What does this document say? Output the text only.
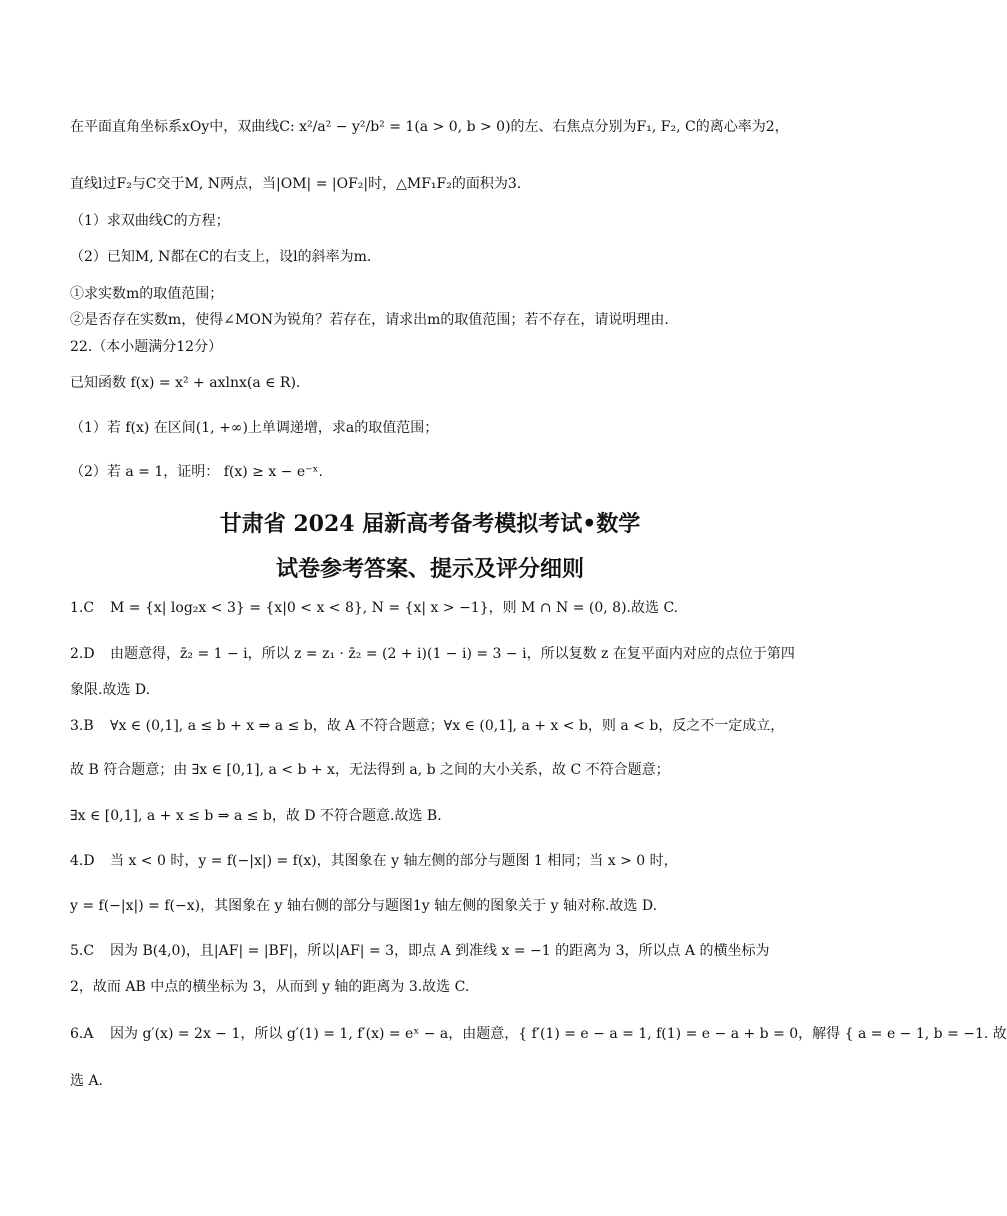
在平面直角坐标系xOy中，双曲线C: x²/a² − y²/b² = 1(a > 0, b > 0)的左、右焦点分别为F₁, F₂, C的离心率为2，
直线l过F₂与C交于M, N两点，当|OM| = |OF₂|时，△MF₁F₂的面积为3.
（1）求双曲线C的方程；
（2）已知M, N都在C的右支上，设l的斜率为m.
①求实数m的取值范围；
②是否存在实数m，使得∠MON为锐角？若存在，请求出m的取值范围；若不存在，请说明理由.
22.（本小题满分12分）
已知函数 f(x) = x² + axlnx(a ∈ R).
（1）若 f(x) 在区间(1, +∞)上单调递增，求a的取值范围；
（2）若 a = 1，证明： f(x) ≥ x − e⁻ˣ.
甘肃省 2024 届新高考备考模拟考试•数学
试卷参考答案、提示及评分细则
1.C M = {x| log₂x < 3} = {x|0 < x < 8}, N = {x| x > −1}，则 M ∩ N = (0, 8).故选 C.
2.D 由题意得，z̄₂ = 1 − i，所以 z = z₁ · z̄₂ = (2 + i)(1 − i) = 3 − i，所以复数 z 在复平面内对应的点位于第四
象限.故选 D.
3.B ∀x ∈ (0,1], a ≤ b + x ⇒ a ≤ b，故 A 不符合题意；∀x ∈ (0,1], a + x < b，则 a < b，反之不一定成立，
故 B 符合题意；由 ∃x ∈ [0,1], a < b + x，无法得到 a, b 之间的大小关系，故 C 不符合题意；
∃x ∈ [0,1], a + x ≤ b ⇒ a ≤ b，故 D 不符合题意.故选 B.
4.D 当 x < 0 时，y = f(−|x|) = f(x)，其图象在 y 轴左侧的部分与题图 1 相同；当 x > 0 时，
y = f(−|x|) = f(−x)，其图象在 y 轴右侧的部分与题图1y 轴左侧的图象关于 y 轴对称.故选 D.
5.C 因为 B(4,0)，且|AF| = |BF|，所以|AF| = 3，即点 A 到准线 x = −1 的距离为 3，所以点 A 的横坐标为
2，故而 AB 中点的横坐标为 3，从而到 y 轴的距离为 3.故选 C.
6.A 因为 g′(x) = 2x − 1，所以 g′(1) = 1, f′(x) = eˣ − a，由题意，{ f′(1) = e − a = 1, f(1) = e − a + b = 0，解得 { a = e − 1, b = −1. 故
选 A.
